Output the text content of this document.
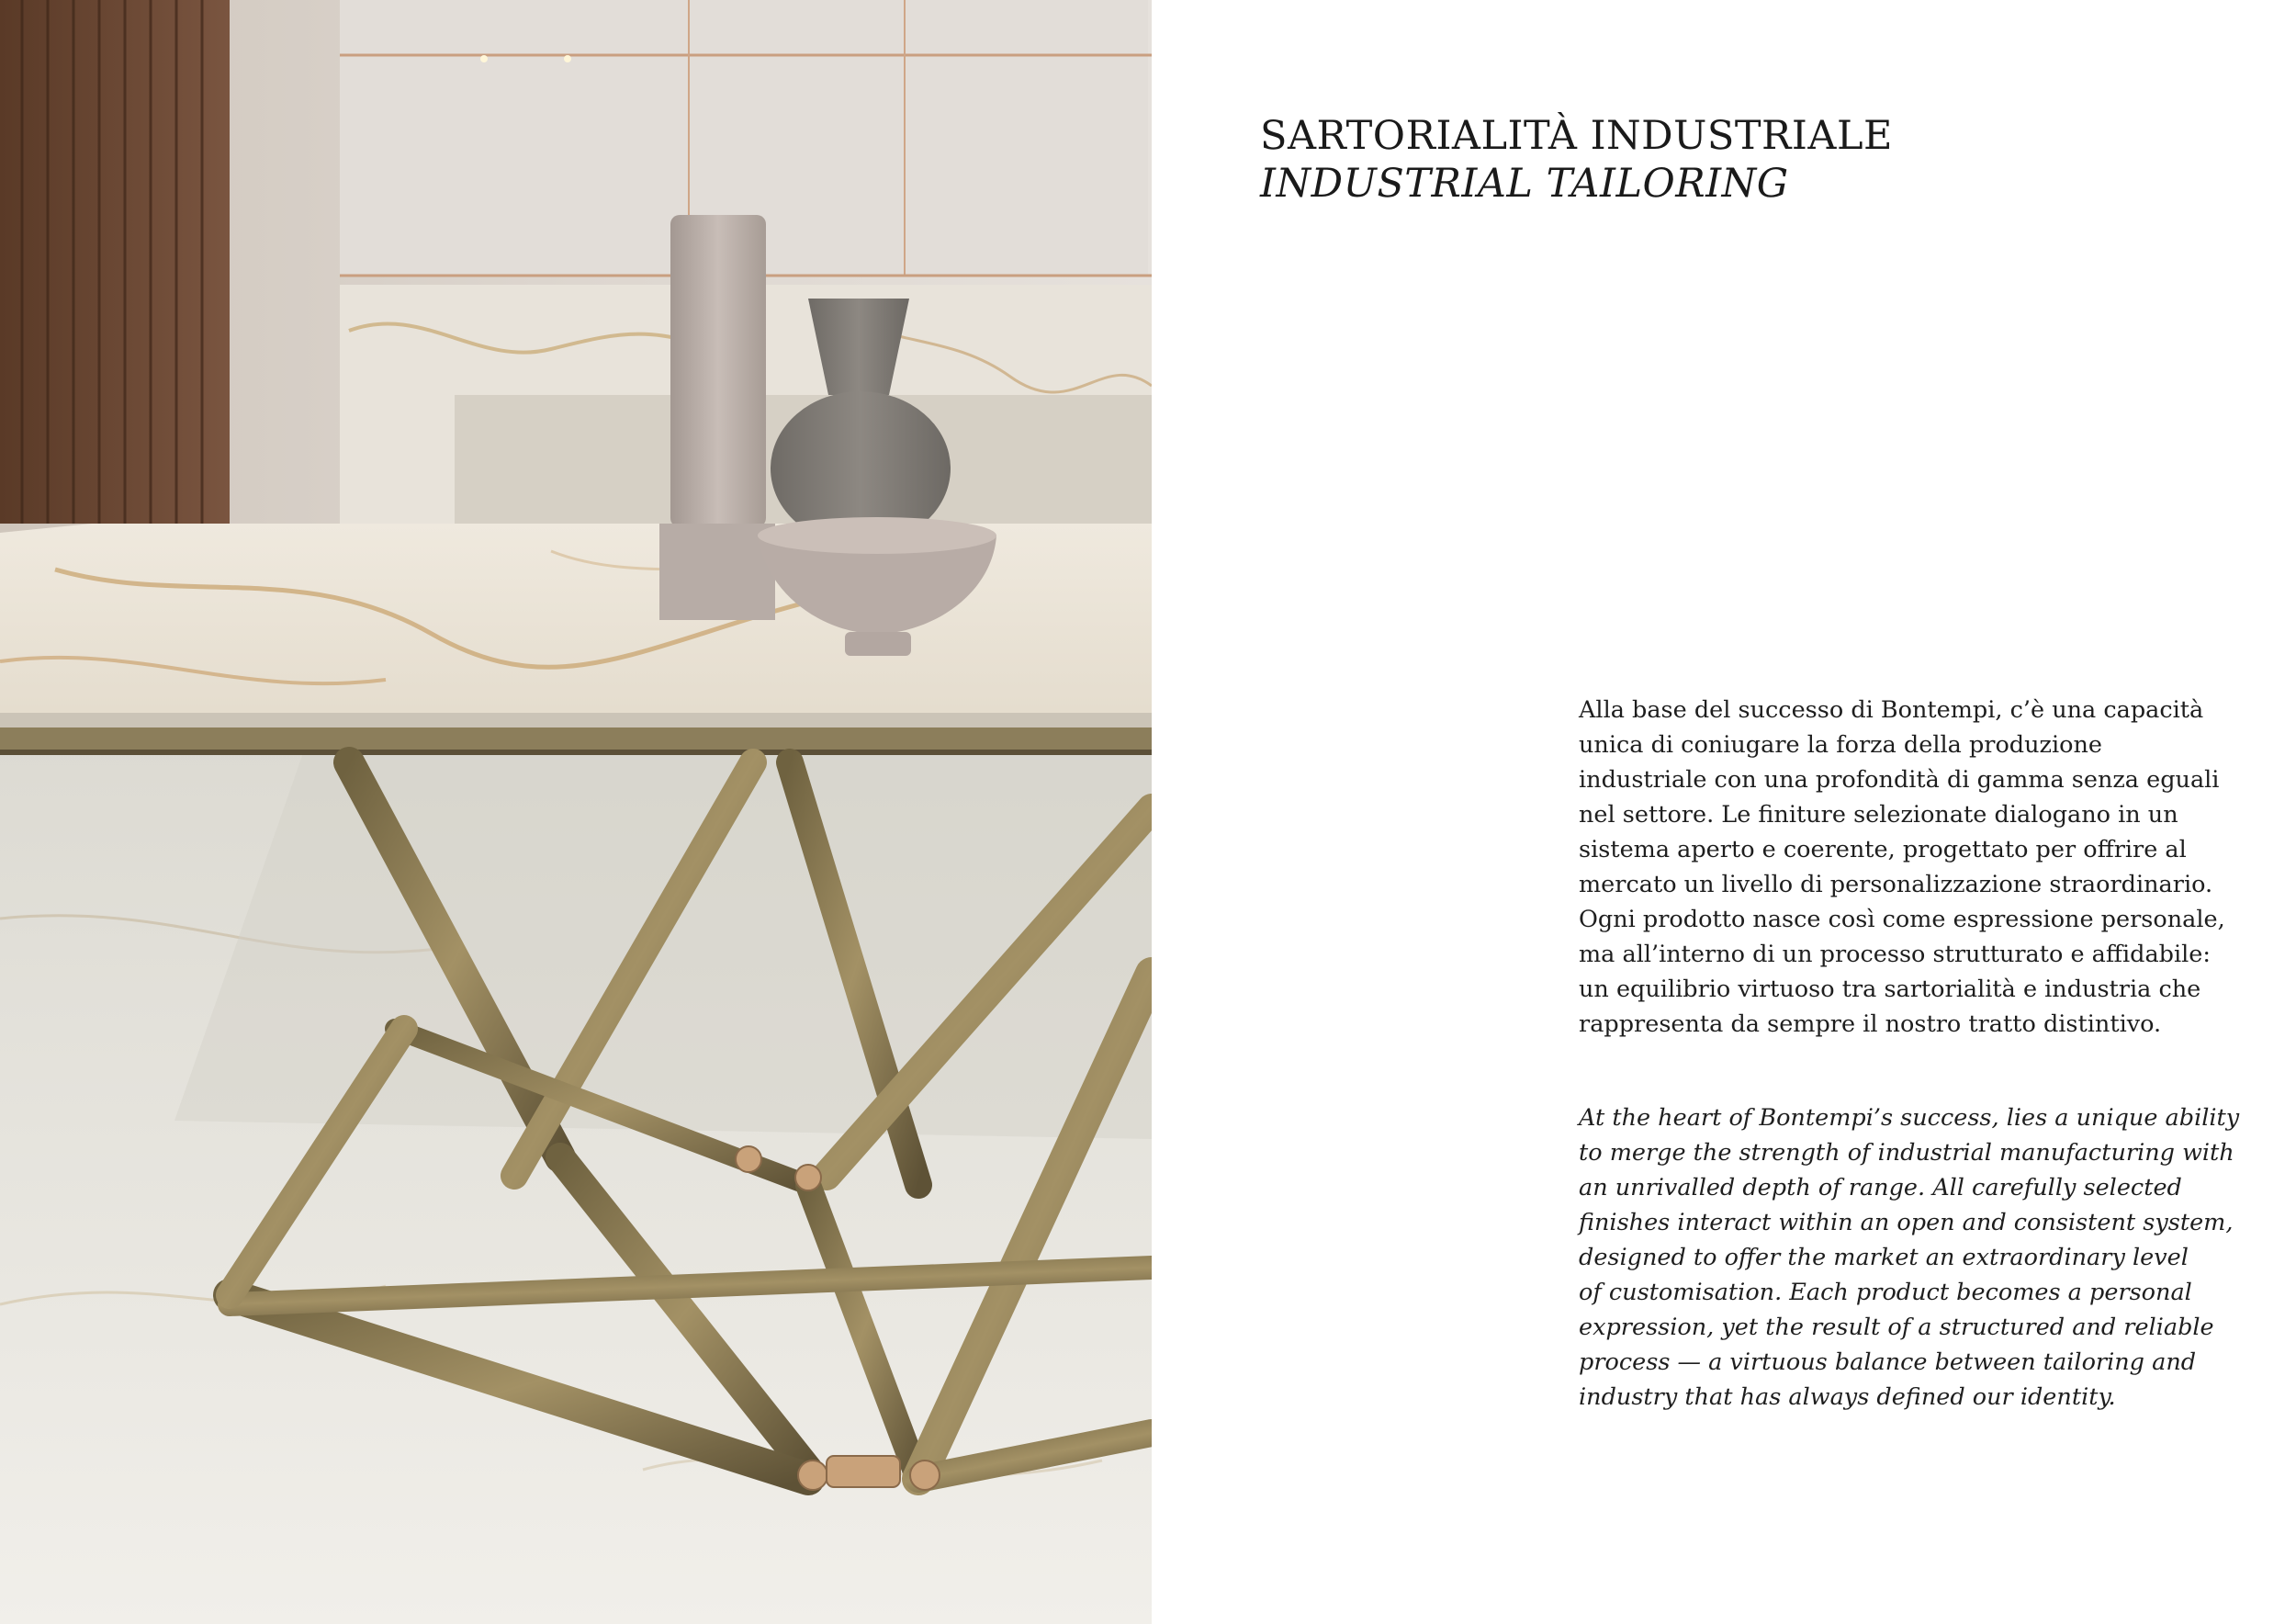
SARTORIALITÀ INDUSTRIALE
INDUSTRIAL TAILORING
Alla base del successo di Bontempi, c’è una capacità
unica di coniugare la forza della produzione
industriale con una profondità di gamma senza eguali
nel settore. Le finiture selezionate dialogano in un
sistema aperto e coerente, progettato per offrire al
mercato un livello di personalizzazione straordinario.
Ogni prodotto nasce così come espressione personale,
ma all’interno di un processo strutturato e affidabile:
un equilibrio virtuoso tra sartorialità e industria che
rappresenta da sempre il nostro tratto distintivo.
At the heart of Bontempi’s success, lies a unique ability
to merge the strength of industrial manufacturing with
an unrivalled depth of range. All carefully selected
finishes interact within an open and consistent system,
designed to offer the market an extraordinary level
of customisation. Each product becomes a personal
expression, yet the result of a structured and reliable
process — a virtuous balance between tailoring and
industry that has always defined our identity.
